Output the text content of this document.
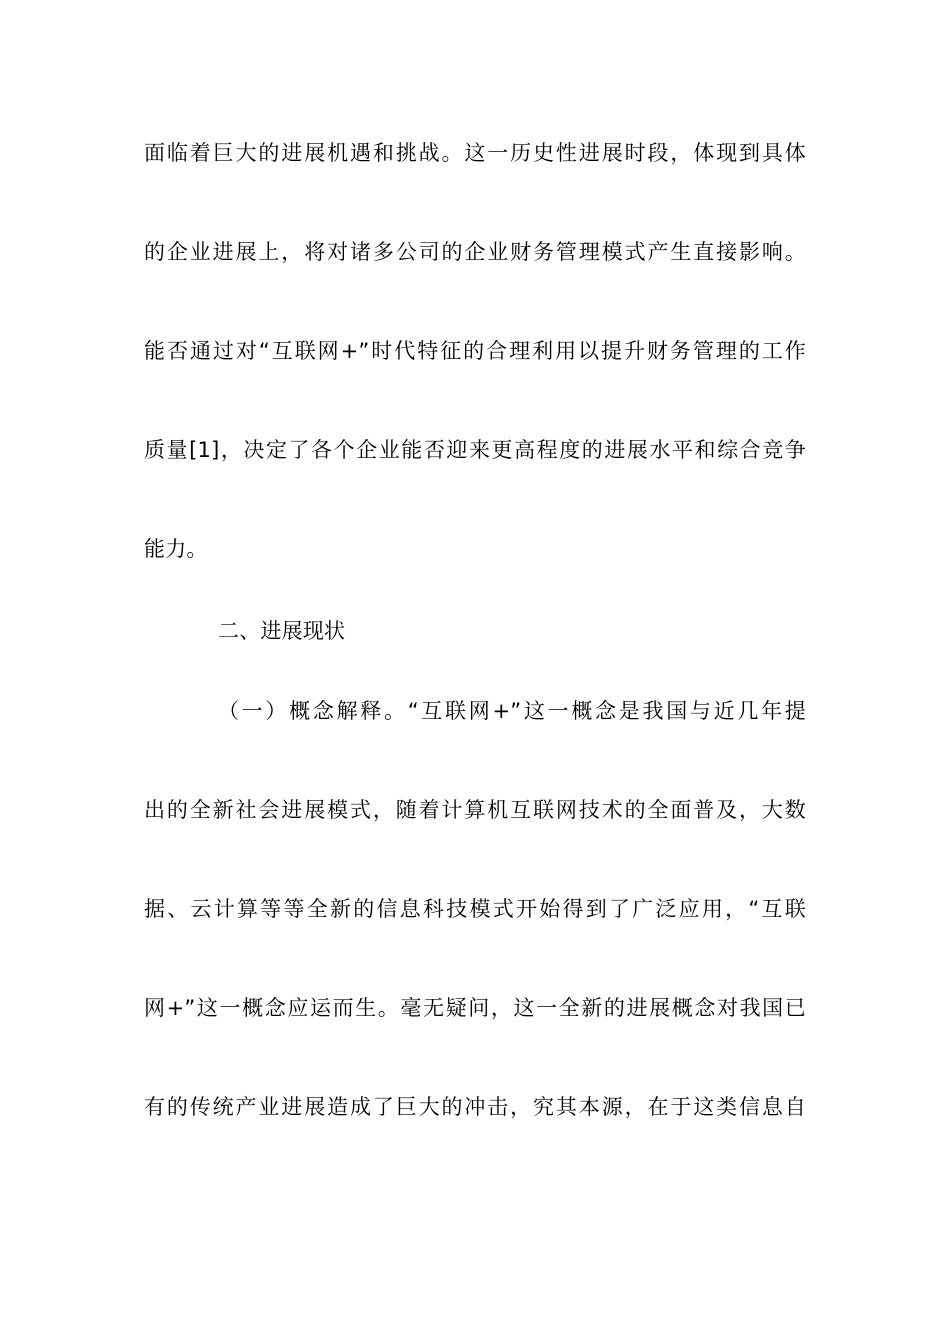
面临着巨大的进展机遇和挑战。这一历史性进展时段，体现到具体
的企业进展上，将对诸多公司的企业财务管理模式产生直接影响。
能否通过对“互联网+”时代特征的合理利用以提升财务管理的工作
质量[1]，决定了各个企业能否迎来更高程度的进展水平和综合竞争
能力。
二、进展现状
（一）概念解释。“互联网+”这一概念是我国与近几年提
出的全新社会进展模式，随着计算机互联网技术的全面普及，大数
据、云计算等等全新的信息科技模式开始得到了广泛应用，“互联
网+”这一概念应运而生。毫无疑问，这一全新的进展概念对我国已
有的传统产业进展造成了巨大的冲击，究其本源，在于这类信息自
